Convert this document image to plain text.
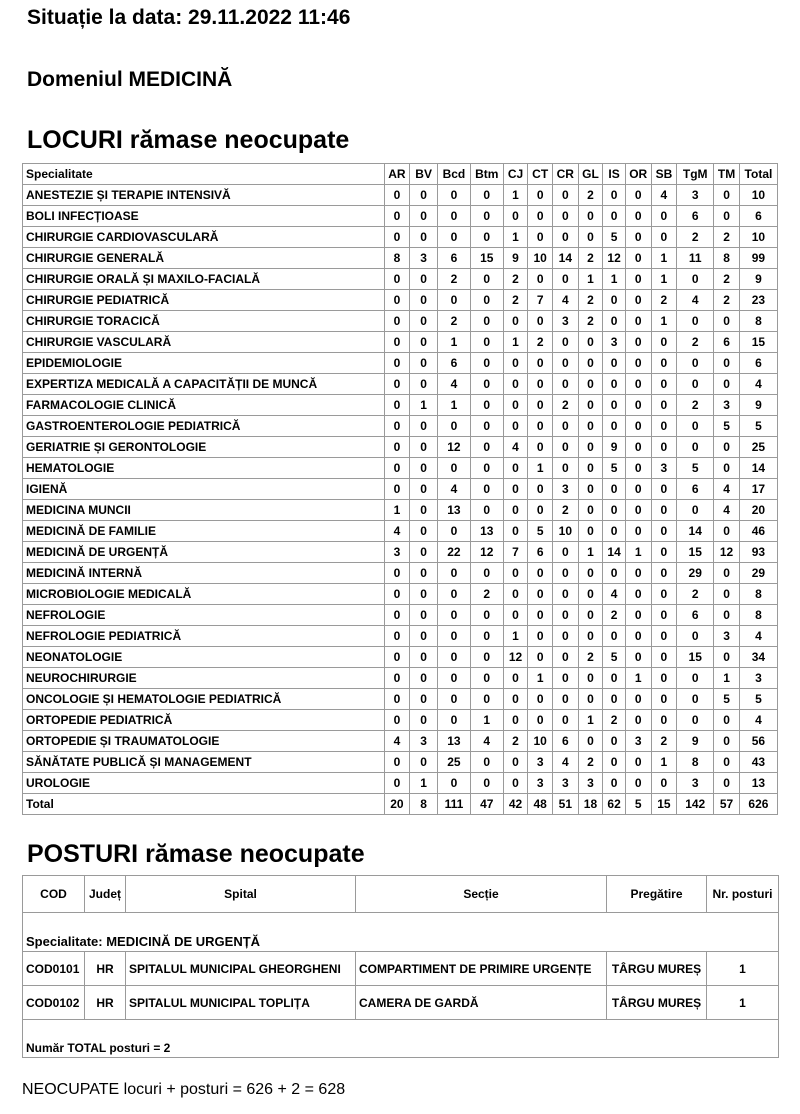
Situație la data: 29.11.2022 11:46
Domeniul MEDICINĂ
LOCURI rămase neocupate
Specialitate	AR	BV	Bcd	Btm	CJ	CT	CR	GL	IS	OR	SB	TgM	TM	Total
ANESTEZIE ȘI TERAPIE INTENSIVĂ	0	0	0	0	1	0	0	2	0	0	4	3	0	10
BOLI INFECȚIOASE	0	0	0	0	0	0	0	0	0	0	0	6	0	6
CHIRURGIE CARDIOVASCULARĂ	0	0	0	0	1	0	0	0	5	0	0	2	2	10
CHIRURGIE GENERALĂ	8	3	6	15	9	10	14	2	12	0	1	11	8	99
CHIRURGIE ORALĂ ȘI MAXILO-FACIALĂ	0	0	2	0	2	0	0	1	1	0	1	0	2	9
CHIRURGIE PEDIATRICĂ	0	0	0	0	2	7	4	2	0	0	2	4	2	23
CHIRURGIE TORACICĂ	0	0	2	0	0	0	3	2	0	0	1	0	0	8
CHIRURGIE VASCULARĂ	0	0	1	0	1	2	0	0	3	0	0	2	6	15
EPIDEMIOLOGIE	0	0	6	0	0	0	0	0	0	0	0	0	0	6
EXPERTIZA MEDICALĂ A CAPACITĂȚII DE MUNCĂ	0	0	4	0	0	0	0	0	0	0	0	0	0	4
FARMACOLOGIE CLINICĂ	0	1	1	0	0	0	2	0	0	0	0	2	3	9
GASTROENTEROLOGIE PEDIATRICĂ	0	0	0	0	0	0	0	0	0	0	0	0	5	5
GERIATRIE ȘI GERONTOLOGIE	0	0	12	0	4	0	0	0	9	0	0	0	0	25
HEMATOLOGIE	0	0	0	0	0	1	0	0	5	0	3	5	0	14
IGIENĂ	0	0	4	0	0	0	3	0	0	0	0	6	4	17
MEDICINA MUNCII	1	0	13	0	0	0	2	0	0	0	0	0	4	20
MEDICINĂ DE FAMILIE	4	0	0	13	0	5	10	0	0	0	0	14	0	46
MEDICINĂ DE URGENȚĂ	3	0	22	12	7	6	0	1	14	1	0	15	12	93
MEDICINĂ INTERNĂ	0	0	0	0	0	0	0	0	0	0	0	29	0	29
MICROBIOLOGIE MEDICALĂ	0	0	0	2	0	0	0	0	4	0	0	2	0	8
NEFROLOGIE	0	0	0	0	0	0	0	0	2	0	0	6	0	8
NEFROLOGIE PEDIATRICĂ	0	0	0	0	1	0	0	0	0	0	0	0	3	4
NEONATOLOGIE	0	0	0	0	12	0	0	2	5	0	0	15	0	34
NEUROCHIRURGIE	0	0	0	0	0	1	0	0	0	1	0	0	1	3
ONCOLOGIE ȘI HEMATOLOGIE PEDIATRICĂ	0	0	0	0	0	0	0	0	0	0	0	0	5	5
ORTOPEDIE PEDIATRICĂ	0	0	0	1	0	0	0	1	2	0	0	0	0	4
ORTOPEDIE ȘI TRAUMATOLOGIE	4	3	13	4	2	10	6	0	0	3	2	9	0	56
SĂNĂTATE PUBLICĂ ȘI MANAGEMENT	0	0	25	0	0	3	4	2	0	0	1	8	0	43
UROLOGIE	0	1	0	0	0	3	3	3	0	0	0	3	0	13
Total	20	8	111	47	42	48	51	18	62	5	15	142	57	626
POSTURI rămase neocupate
COD	Județ	Spital	Secție	Pregătire	Nr. posturi
Specialitate: MEDICINĂ DE URGENȚĂ					
COD0101	HR	SPITALUL MUNICIPAL GHEORGHENI	COMPARTIMENT DE PRIMIRE URGENȚE	TÂRGU MUREȘ	1
COD0102	HR	SPITALUL MUNICIPAL TOPLIȚA	CAMERA DE GARDĂ	TÂRGU MUREȘ	1
Număr TOTAL posturi = 2					

NEOCUPATE locuri + posturi = 626 + 2 = 628
